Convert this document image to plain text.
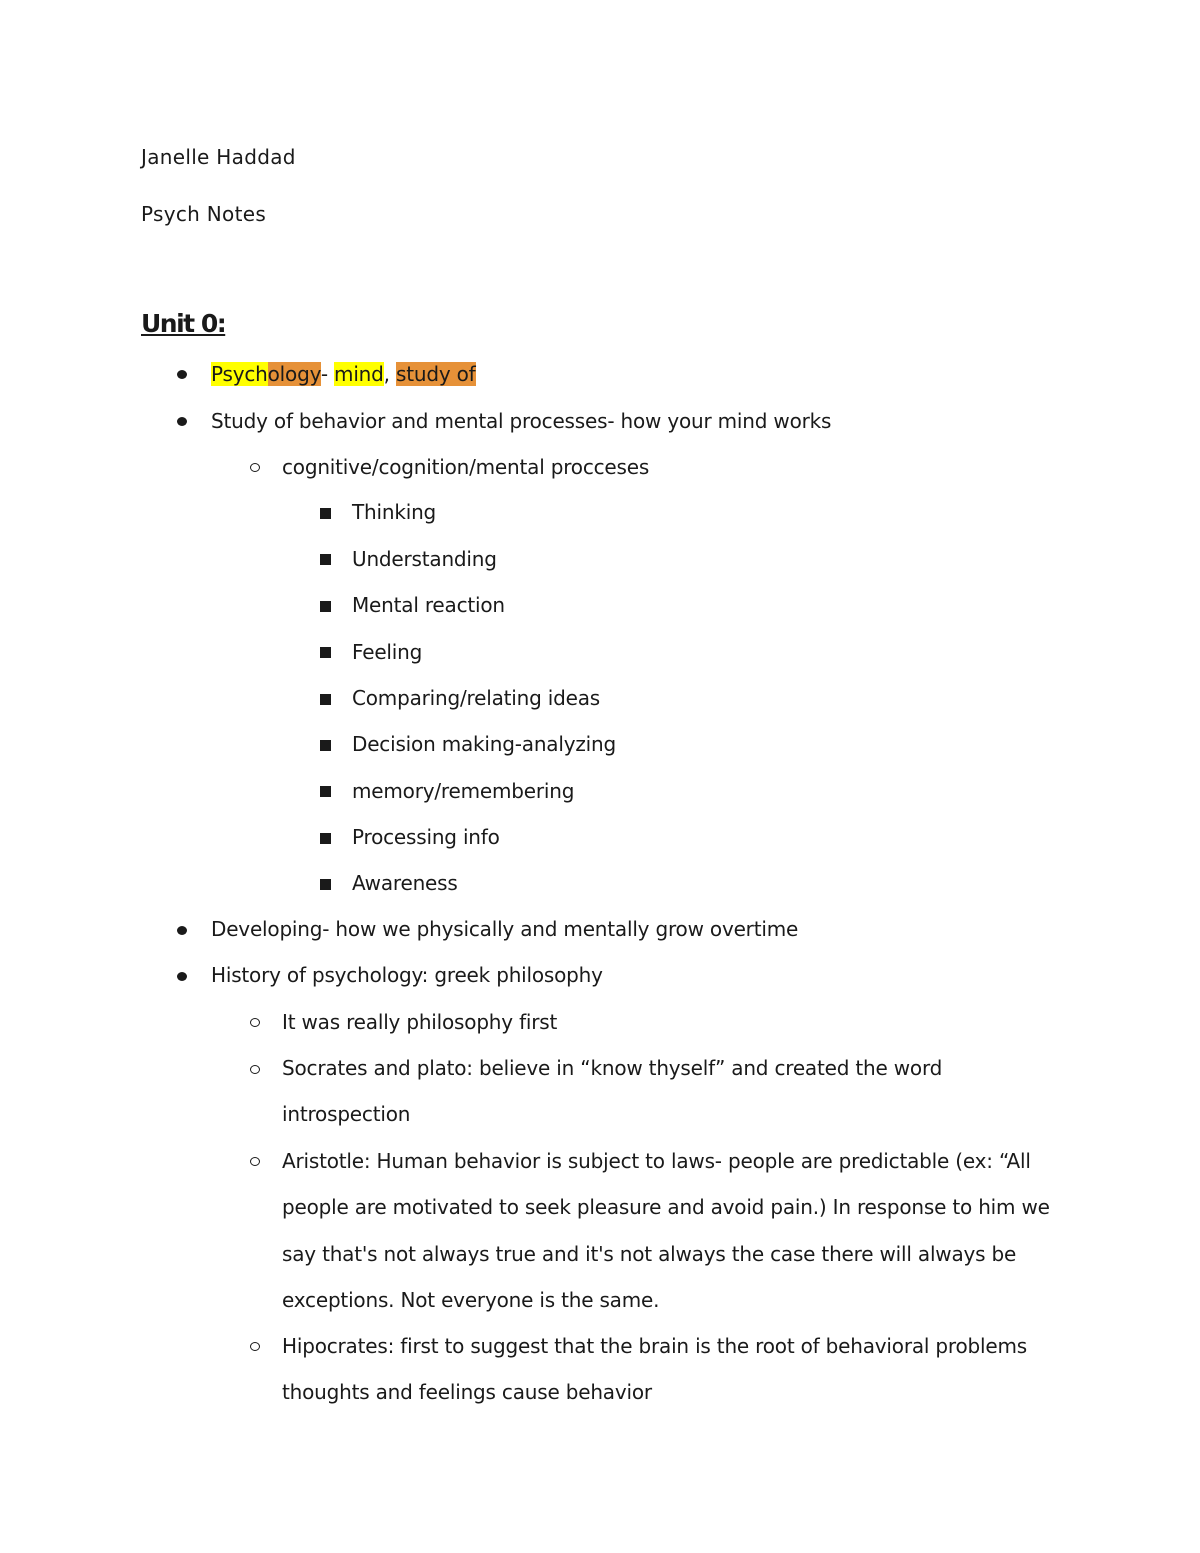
Janelle Haddad
Psych Notes
Unit 0:
Psychology- mind, study of
Study of behavior and mental processes- how your mind works
cognitive/cognition/mental procceses
Thinking
Understanding
Mental reaction
Feeling
Comparing/relating ideas
Decision making-analyzing
memory/remembering
Processing info
Awareness
Developing- how we physically and mentally grow overtime
History of psychology: greek philosophy
It was really philosophy first
Socrates and plato: believe in “know thyself” and created the word
introspection
Aristotle: Human behavior is subject to laws- people are predictable (ex: “All
people are motivated to seek pleasure and avoid pain.) In response to him we
say that's not always true and it's not always the case there will always be
exceptions. Not everyone is the same.
Hipocrates: first to suggest that the brain is the root of behavioral problems
thoughts and feelings cause behavior
